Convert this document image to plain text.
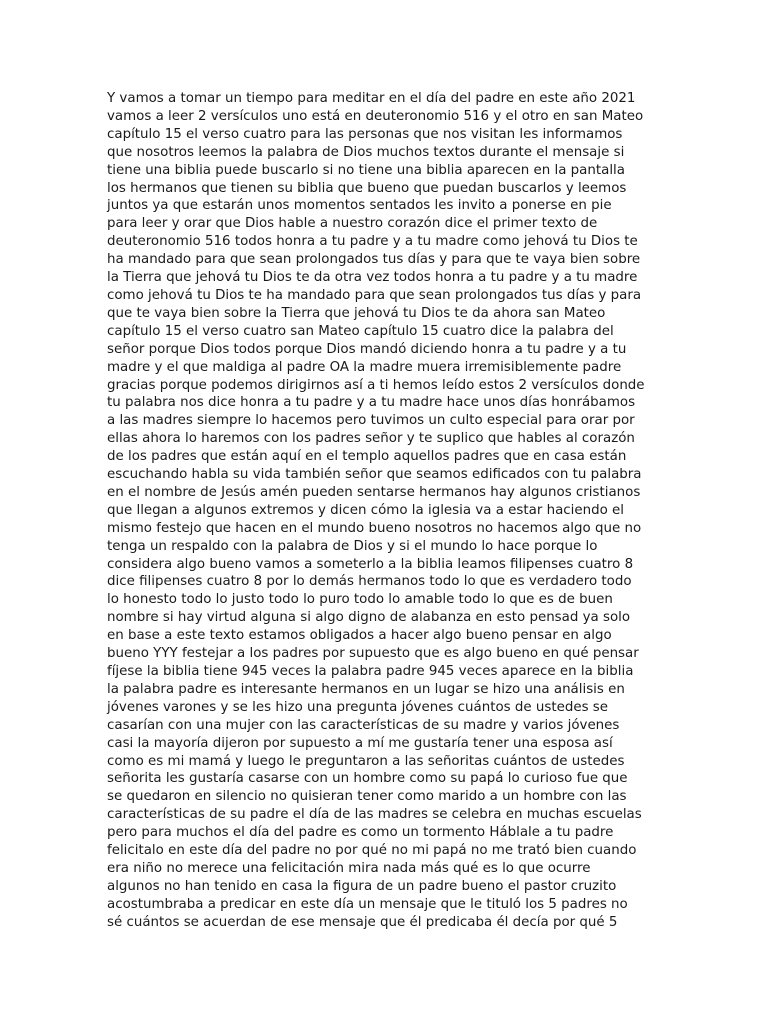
Y vamos a tomar un tiempo para meditar en el día del padre en este año 2021
vamos a leer 2 versículos uno está en deuteronomio 516 y el otro en san Mateo
capítulo 15 el verso cuatro para las personas que nos visitan les informamos
que nosotros leemos la palabra de Dios muchos textos durante el mensaje si
tiene una biblia puede buscarlo si no tiene una biblia aparecen en la pantalla
los hermanos que tienen su biblia que bueno que puedan buscarlos y leemos
juntos ya que estarán unos momentos sentados les invito a ponerse en pie
para leer y orar que Dios hable a nuestro corazón dice el primer texto de
deuteronomio 516 todos honra a tu padre y a tu madre como jehová tu Dios te
ha mandado para que sean prolongados tus días y para que te vaya bien sobre
la Tierra que jehová tu Dios te da otra vez todos honra a tu padre y a tu madre
como jehová tu Dios te ha mandado para que sean prolongados tus días y para
que te vaya bien sobre la Tierra que jehová tu Dios te da ahora san Mateo
capítulo 15 el verso cuatro san Mateo capítulo 15 cuatro dice la palabra del
señor porque Dios todos porque Dios mandó diciendo honra a tu padre y a tu
madre y el que maldiga al padre OA la madre muera irremisiblemente padre
gracias porque podemos dirigirnos así a ti hemos leído estos 2 versículos donde
tu palabra nos dice honra a tu padre y a tu madre hace unos días honrábamos
a las madres siempre lo hacemos pero tuvimos un culto especial para orar por
ellas ahora lo haremos con los padres señor y te suplico que hables al corazón
de los padres que están aquí en el templo aquellos padres que en casa están
escuchando habla su vida también señor que seamos edificados con tu palabra
en el nombre de Jesús amén pueden sentarse hermanos hay algunos cristianos
que llegan a algunos extremos y dicen cómo la iglesia va a estar haciendo el
mismo festejo que hacen en el mundo bueno nosotros no hacemos algo que no
tenga un respaldo con la palabra de Dios y si el mundo lo hace porque lo
considera algo bueno vamos a someterlo a la biblia leamos filipenses cuatro 8
dice filipenses cuatro 8 por lo demás hermanos todo lo que es verdadero todo
lo honesto todo lo justo todo lo puro todo lo amable todo lo que es de buen
nombre si hay virtud alguna si algo digno de alabanza en esto pensad ya solo
en base a este texto estamos obligados a hacer algo bueno pensar en algo
bueno YYY festejar a los padres por supuesto que es algo bueno en qué pensar
fíjese la biblia tiene 945 veces la palabra padre 945 veces aparece en la biblia
la palabra padre es interesante hermanos en un lugar se hizo una análisis en
jóvenes varones y se les hizo una pregunta jóvenes cuántos de ustedes se
casarían con una mujer con las características de su madre y varios jóvenes
casi la mayoría dijeron por supuesto a mí me gustaría tener una esposa así
como es mi mamá y luego le preguntaron a las señoritas cuántos de ustedes
señorita les gustaría casarse con un hombre como su papá lo curioso fue que
se quedaron en silencio no quisieran tener como marido a un hombre con las
características de su padre el día de las madres se celebra en muchas escuelas
pero para muchos el día del padre es como un tormento Háblale a tu padre
felicitalo en este día del padre no por qué no mi papá no me trató bien cuando
era niño no merece una felicitación mira nada más qué es lo que ocurre
algunos no han tenido en casa la figura de un padre bueno el pastor cruzito
acostumbraba a predicar en este día un mensaje que le tituló los 5 padres no
sé cuántos se acuerdan de ese mensaje que él predicaba él decía por qué 5
